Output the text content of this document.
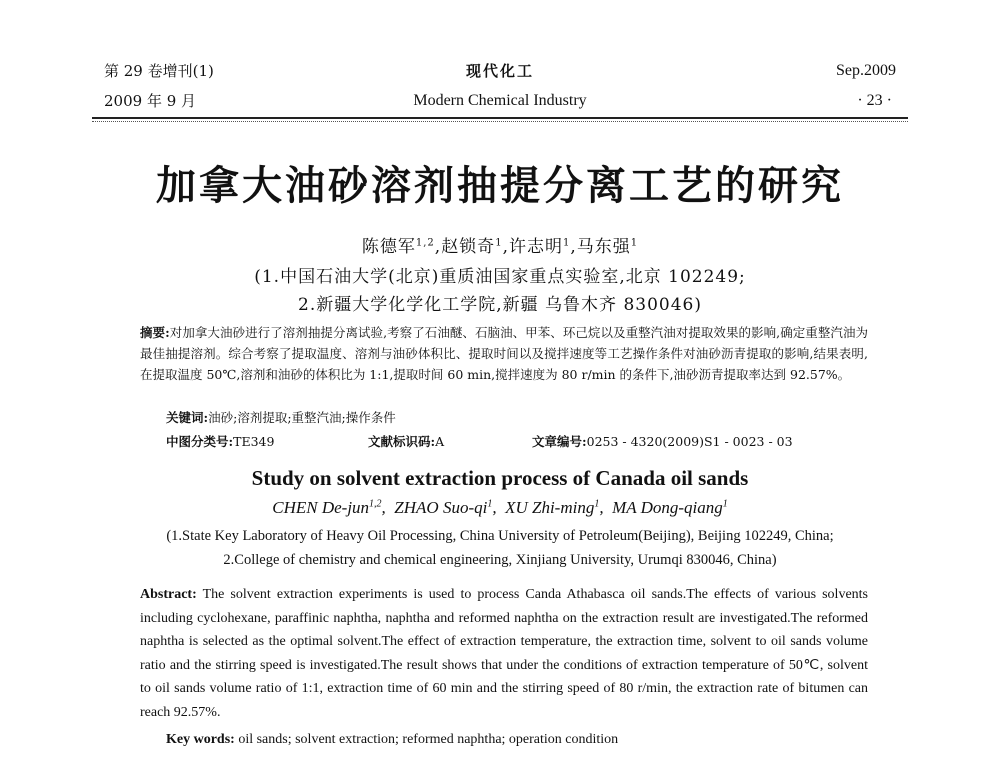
第 29 卷增刊(1)
2009 年 9 月
现代化工
Modern Chemical Industry
Sep.2009
· 23 ·
加拿大油砂溶剂抽提分离工艺的研究
陈德军$^{1,2}$,赵锁奇$^1$,许志明$^1$,马东强$^1$
(1.中国石油大学(北京)重质油国家重点实验室,北京 102249;
2.新疆大学化学化工学院,新疆 乌鲁木齐 830046)

摘要:对加拿大油砂进行了溶剂抽提分离试验,考察了石油醚、石脑油、甲苯、环己烷以及重整汽油对提取效果的影响,确定重整汽油为最佳抽提溶剂。综合考察了提取温度、溶剂与油砂体积比、提取时间以及搅拌速度等工艺操作条件对油砂沥青提取的影响,结果表明,在提取温度 50℃,溶剂和油砂的体积比为 1:1,提取时间 60 min,搅拌速度为 80 r/min 的条件下,油砂沥青提取率达到 92.57%。

关键词:油砂;溶剂提取;重整汽油;操作条件
中图分类号:TE349	文献标识码:A	文章编号:0253 - 4320(2009)S1 - 0023 - 03
Study on solvent extraction process of Canada oil sands
CHEN De-jun$^{1,2}$,  ZHAO Suo-$qi^1$,  XU Zhi-ming$^1$,  MA Dong-qiang$^1$
(1.State Key Laboratory of Heavy Oil Processing, China University of Petroleum(Beijing), Beijing 102249, China;
2.College of chemistry and chemical engineering, Xinjiang University, Urumqi 830046, China)

Abstract: The solvent extraction experiments is used to process Canda Athabasca oil sands.The effects of various solvents including cyclohexane, paraffinic naphtha, naphtha and reformed naphtha on the extraction result are investigated.The reformed naphtha is selected as the optimal solvent.The effect of extraction temperature, the extraction time, solvent to oil sands volume ratio and the stirring speed is investigated.The result shows that under the conditions of extraction temperature of 50℃, solvent to oil sands volume ratio of 1:1, extraction time of 60 min and the stirring speed of 80 r/min, the extraction rate of bitumen can reach 92.57%.

Key words: oil sands; solvent extraction; reformed naphtha; operation condition
